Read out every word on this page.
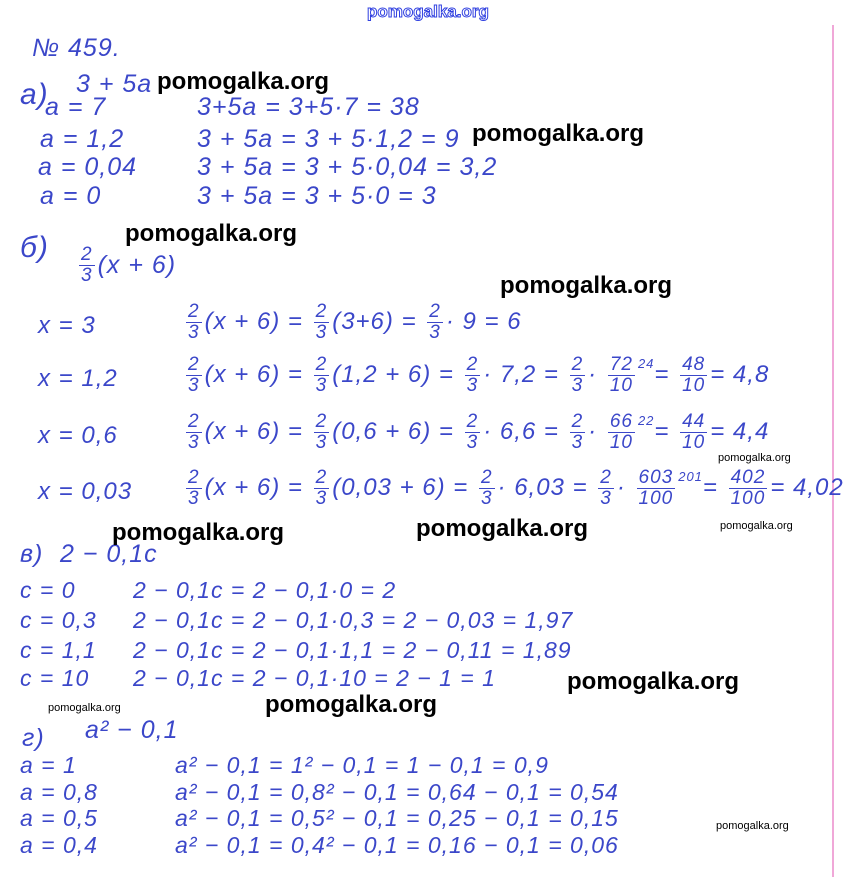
pomogalka.org
№ 459.
а) 3 + 5a
a = 7	3+5a = 3+5·7 = 38
a = 1,2	3 + 5a = 3 + 5·1,2 = 9
a = 0,04 3 + 5a = 3 + 5·0,04 = 3,2
a = 0	3 + 5a = 3 + 5·0 = 3
$б) \frac{2}{3} (x + 6)$
x = 3	$\frac{2}{3} (x + 6) = \frac{2}{3} (3+6) = \frac{2}{3} \cdot 9 = 6$
x = 1,2	$\frac{2}{3} (x + 6) = \frac{2}{3} (1,2 + 6) = \frac{2}{3} \cdot 7,2 = \frac{2}{3} \cdot \frac{72}{10} 24 = \frac{48}{10} = 4,8$
x = 0,6	$\frac{2}{3} (x + 6) = \frac{2}{3} (0,6 + 6) = \frac{2}{3} \cdot 6,6 = \frac{2}{3} \cdot \frac{66}{10} 22 = \frac{44}{10} = 4,4$
x = 0,03	$\frac{2}{3} (x + 6) = \frac{2}{3} (0,03 + 6) = \frac{2}{3} \cdot 6,03 = \frac{2}{3} \cdot \frac{603}{100} 201 = \frac{402}{100} = 4,02$
в) 2 − 0,1c
c = 0 2 − 0,1c = 2 − 0,1·0 = 2
c = 0,3 2 − 0,1c = 2 − 0,1·0,3 = 2 − 0,03 = 1,97
c = 1,1 2 − 0,1c = 2 − 0,1·1,1 = 2 − 0,11 = 1,89
c = 10 2 − 0,1c = 2 − 0,1·10 = 2 − 1 = 1
г) a² − 0,1
a = 1	a² − 0,1 = 1² − 0,1 = 1 − 0,1 = 0,9
a = 0,8	a² − 0,1 = 0,8² − 0,1 = 0,64 − 0,1 = 0,54
a = 0,5	a² − 0,1 = 0,5² − 0,1 = 0,25 − 0,1 = 0,15
a = 0,4	a² − 0,1 = 0,4² − 0,1 = 0,16 − 0,1 = 0,06
pomogalka.org
pomogalka.org
pomogalka.org
pomogalka.org
pomogalka.org	pomogalka.org
pomogalka.org
pomogalka.org
pomogalka.org
pomogalka.org
pomogalka.org
pomogalka.org
